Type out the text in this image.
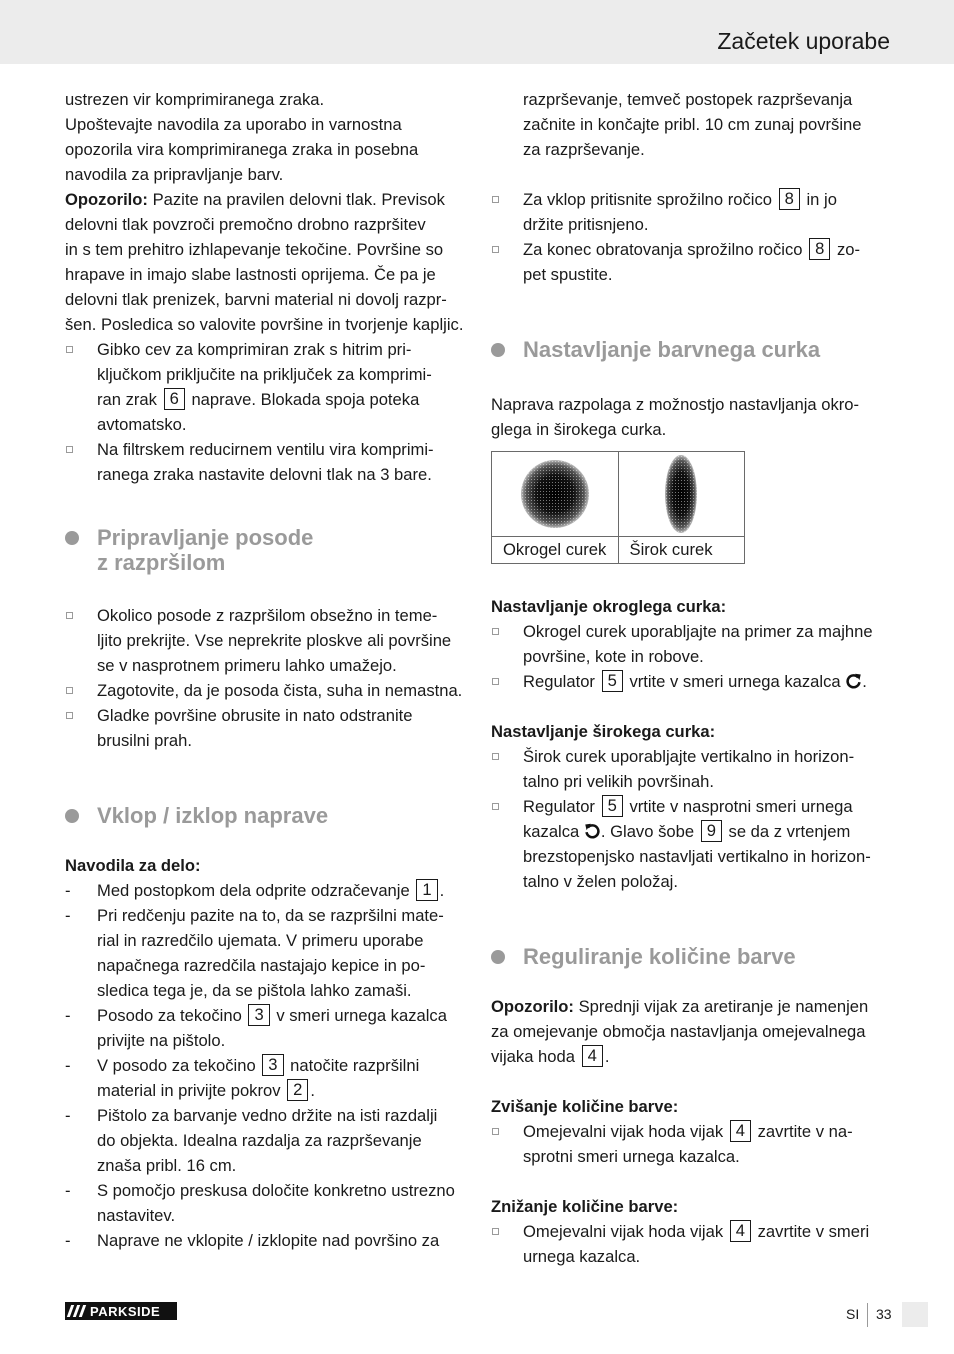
Začetek uporabe

ustrezen vir komprimiranega zraka.

Upoštevajte navodila za uporabo in varnostna

opozorila vira komprimiranega zraka in posebna

navodila za pripravljanje barv.

Opozorilo: Pazite na pravilen delovni tlak. Previsok

delovni tlak povzroči premočno drobno razpršitev

in s tem prehitro izhlapevanje tekočine. Površine so

hrapave in imajo slabe lastnosti oprijema. Če pa je

delovni tlak prenizek, barvni material ni dovolj razpr-

šen. Posledica so valovite površine in tvorjenje kapljic.

Gibko cev za komprimiran zrak s hitrim pri-
ključkom priključite na priključek za komprimi-
ran zrak 6 naprave. Blokada spoja poteka
avtomatsko.
Na filtrskem reducirnem ventilu vira komprimi-
ranega zraka nastavite delovni tlak na 3 bare.
Pripravljanje posode
z razpršilom
Okolico posode z razpršilom obsežno in teme-
ljito prekrijte. Vse neprekrite ploskve ali površine
se v nasprotnem primeru lahko umažejo.
Zagotovite, da je posoda čista, suha in nemastna.
Gladke površine obrusite in nato odstranite
brusilni prah.
Vklop / izklop naprave

Navodila za delo:

- Med postopkom dela odprite odzračevanje 1 .
- Pri redčenju pazite na to, da se razpršilni mate-
rial in razredčilo ujemata. V primeru uporabe
napačnega razredčila nastajajo kepice in po-
sledica tega je, da se pištola lahko zamaši.
- Posodo za tekočino 3 v smeri urnega kazalca
privijte na pištolo.
- V posodo za tekočino 3 natočite razpršilni
material in privijte pokrov 2 .
- Pištolo za barvanje vedno držite na isti razdalji
do objekta. Idealna razdalja za razprševanje
znaša pribl. 16 cm.
- S pomočjo preskusa določite konkretno ustrezno
nastavitev.
- Naprave ne vklopite / izklopite nad površino za
razprševanje, temveč postopek razprševanja
začnite in končajte pribl. 10 cm zunaj površine
za razprševanje.
Za vklop pritisnite sprožilno ročico 8 in jo
držite pritisnjeno.
Za konec obratovanja sprožilno ročico 8 zo-
pet spustite.
Nastavljanje barvnega curka

Naprava razpolaga z možnostjo nastavljanja okro-

glega in širokega curka.

Okrogel curek	Širok curek

Nastavljanje okroglega curka:

Okrogel curek uporabljajte na primer za majhne
površine, kote in robove.
Regulator 5 vrtite v smeri urnega kazalca .

Nastavljanje širokega curka:

Širok curek uporabljajte vertikalno in horizon-
talno pri velikih površinah.
Regulator 5 vrtite v nasprotni smeri urnega
kazalca . Glavo šobe 9 se da z vrtenjem
brezstopenjsko nastavljati vertikalno in horizon-
talno v želen položaj.
Reguliranje količine barve

Opozorilo: Sprednji vijak za aretiranje je namenjen

za omejevanje območja nastavljanja omejevalnega

vijaka hoda 4 .

Zvišanje količine barve:

Omejevalni vijak hoda vijak 4 zavrtite v na-
sprotni smeri urnega kazalca.

Znižanje količine barve:

Omejevalni vijak hoda vijak 4 zavrtite v smeri
urnega kazalca.
PARKSIDE	SI 33
